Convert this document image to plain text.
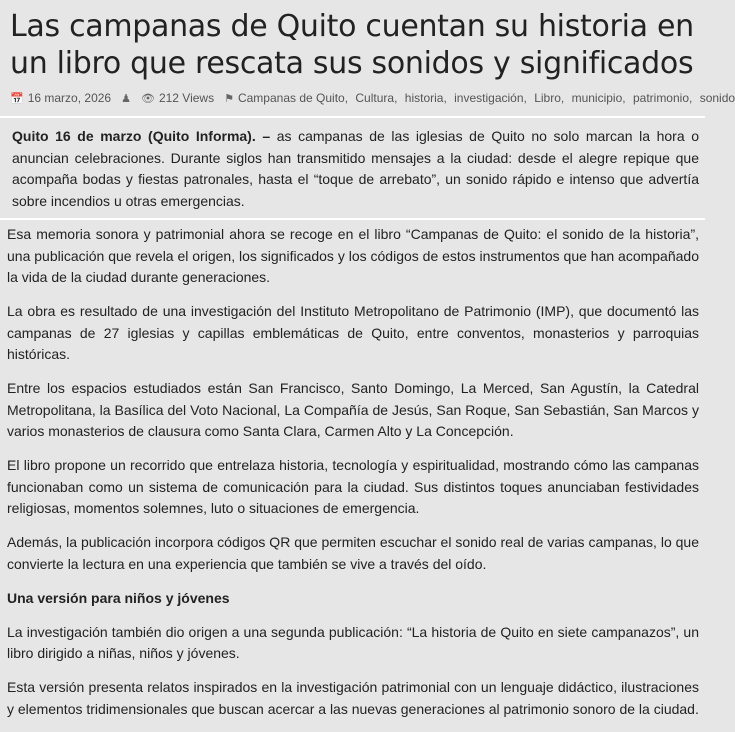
Las campanas de Quito cuentan su historia en un libro que rescata sus sonidos y significados
📅 16 marzo, 2026 ♟ 👁 212 Views ⚑ Campanas de Quito, Cultura, historia, investigación, Libro, municipio, patrimonio, sonido
Quito 16 de marzo (Quito Informa). – as campanas de las iglesias de Quito no solo marcan la hora o anuncian celebraciones. Durante siglos han transmitido mensajes a la ciudad: desde el alegre repique que acompaña bodas y fiestas patronales, hasta el “toque de arrebato”, un sonido rápido e intenso que advertía sobre incendios u otras emergencias.

Esa memoria sonora y patrimonial ahora se recoge en el libro “Campanas de Quito: el sonido de la historia”, una publicación que revela el origen, los significados y los códigos de estos instrumentos que han acompañado la vida de la ciudad durante generaciones.

La obra es resultado de una investigación del Instituto Metropolitano de Patrimonio (IMP), que documentó las campanas de 27 iglesias y capillas emblemáticas de Quito, entre conventos, monasterios y parroquias históricas.

Entre los espacios estudiados están San Francisco, Santo Domingo, La Merced, San Agustín, la Catedral Metropolitana, la Basílica del Voto Nacional, La Compañía de Jesús, San Roque, San Sebastián, San Marcos y varios monasterios de clausura como Santa Clara, Carmen Alto y La Concepción.

El libro propone un recorrido que entrelaza historia, tecnología y espiritualidad, mostrando cómo las campanas funcionaban como un sistema de comunicación para la ciudad. Sus distintos toques anunciaban festividades religiosas, momentos solemnes, luto o situaciones de emergencia.

Además, la publicación incorpora códigos QR que permiten escuchar el sonido real de varias campanas, lo que convierte la lectura en una experiencia que también se vive a través del oído.

Una versión para niños y jóvenes

La investigación también dio origen a una segunda publicación: “La historia de Quito en siete campanazos”, un libro dirigido a niñas, niños y jóvenes.

Esta versión presenta relatos inspirados en la investigación patrimonial con un lenguaje didáctico, ilustraciones y elementos tridimensionales que buscan acercar a las nuevas generaciones al patrimonio sonoro de la ciudad.
